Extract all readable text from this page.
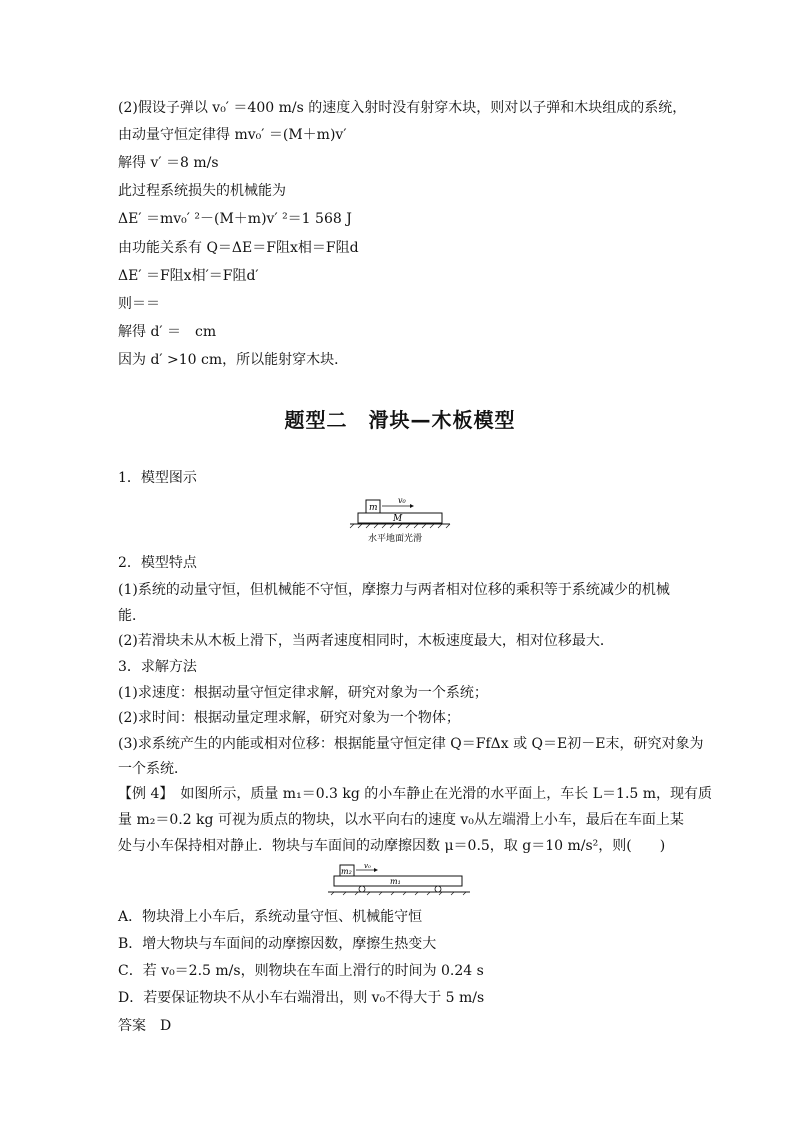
(2)假设子弹以 v₀′ ＝400 m/s 的速度入射时没有射穿木块，则对以子弹和木块组成的系统，
由动量守恒定律得 mv₀′ ＝(M＋m)v′
解得 v′ ＝8 m/s
此过程系统损失的机械能为
ΔE′ ＝mv₀′ ²－(M＋m)v′ ²＝1 568 J
由功能关系有 Q＝ΔE＝F阻x相＝F阻d
ΔE′ ＝F阻x相′＝F阻d′
则＝＝
解得 d′ ＝　cm
因为 d′ >10 cm，所以能射穿木块．
题型二　滑块—木板模型
1．模型图示
m
v₀
M
水平地面光滑
2．模型特点
(1)系统的动量守恒，但机械能不守恒，摩擦力与两者相对位移的乘积等于系统减少的机械
能．
(2)若滑块未从木板上滑下，当两者速度相同时，木板速度最大，相对位移最大．
3．求解方法
(1)求速度：根据动量守恒定律求解，研究对象为一个系统；
(2)求时间：根据动量定理求解，研究对象为一个物体；
(3)求系统产生的内能或相对位移：根据能量守恒定律 Q＝FfΔx 或 Q＝E初－E末，研究对象为
一个系统．
【例 4】　如图所示，质量 m₁＝0.3 kg 的小车静止在光滑的水平面上，车长 L＝1.5 m，现有质
量 m₂＝0.2 kg 可视为质点的物块，以水平向右的速度 v₀从左端滑上小车，最后在车面上某
处与小车保持相对静止．物块与车面间的动摩擦因数 μ＝0.5，取 g＝10 m/s²，则(　　)
m₂
v₀
m₁
A．物块滑上小车后，系统动量守恒、机械能守恒
B．增大物块与车面间的动摩擦因数，摩擦生热变大
C．若 v₀＝2.5 m/s，则物块在车面上滑行的时间为 0.24 s
D．若要保证物块不从小车右端滑出，则 v₀不得大于 5 m/s
答案　D
